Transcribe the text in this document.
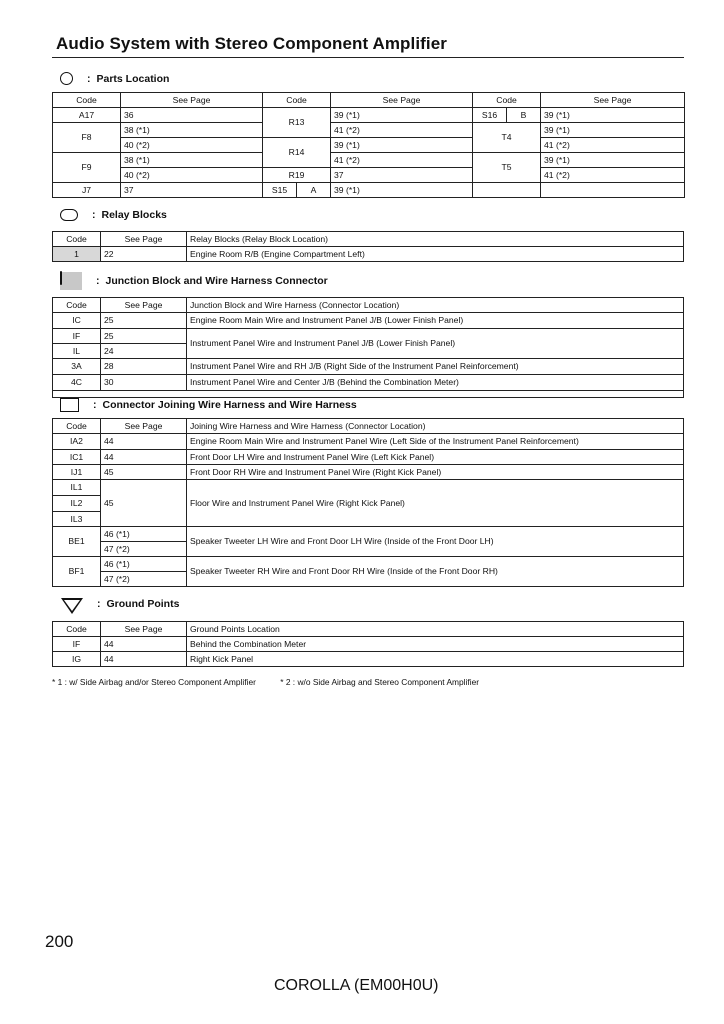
Audio System with Stereo Component Amplifier
: Parts Location
Code	See Page	Code		See Page	Code		See Page
A17	36	R13		39 (*1)	S16	B	39 (*1)
F8	38 (*1)			41 (*2)	T4		39 (*1)
	40 (*2)	R14		39 (*1)			41 (*2)
F9	38 (*1)			41 (*2)	T5		39 (*1)
	40 (*2)	R19		37			41 (*2)
J7	37	S15	A	39 (*1)			
: Relay Blocks
Code	See Page	Relay Blocks (Relay Block Location)
1	22	Engine Room R/B (Engine Compartment Left)
: Junction Block and Wire Harness Connector
Code	See Page	Junction Block and Wire Harness (Connector Location)
IC	25	Engine Room Main Wire and Instrument Panel J/B (Lower Finish Panel)
IF	25	Instrument Panel Wire and Instrument Panel J/B (Lower Finish Panel)
IL	24	
3A	28	Instrument Panel Wire and RH J/B (Right Side of the Instrument Panel Reinforcement)
4C	30	Instrument Panel Wire and Center J/B (Behind the Combination Meter)

: Connector Joining Wire Harness and Wire Harness
Code	See Page	Joining Wire Harness and Wire Harness (Connector Location)
IA2	44	Engine Room Main Wire and Instrument Panel Wire (Left Side of the Instrument Panel Reinforcement)
IC1	44	Front Door LH Wire and Instrument Panel Wire (Left Kick Panel)
IJ1	45	Front Door RH Wire and Instrument Panel Wire (Right Kick Panel)
IL1	45	Floor Wire and Instrument Panel Wire (Right Kick Panel)
IL2		
IL3		
BE1	46 (*1)	Speaker Tweeter LH Wire and Front Door LH Wire (Inside of the Front Door LH)
	47 (*2)	
BF1	46 (*1)	Speaker Tweeter RH Wire and Front Door RH Wire (Inside of the Front Door RH)
	47 (*2)	
: Ground Points
Code	See Page	Ground Points Location
IF	44	Behind the Combination Meter
IG	44	Right Kick Panel
* 1 : w/ Side Airbag and/or Stereo Component Amplifier	* 2 : w/o Side Airbag and Stereo Component Amplifier
200
COROLLA (EM00H0U)
